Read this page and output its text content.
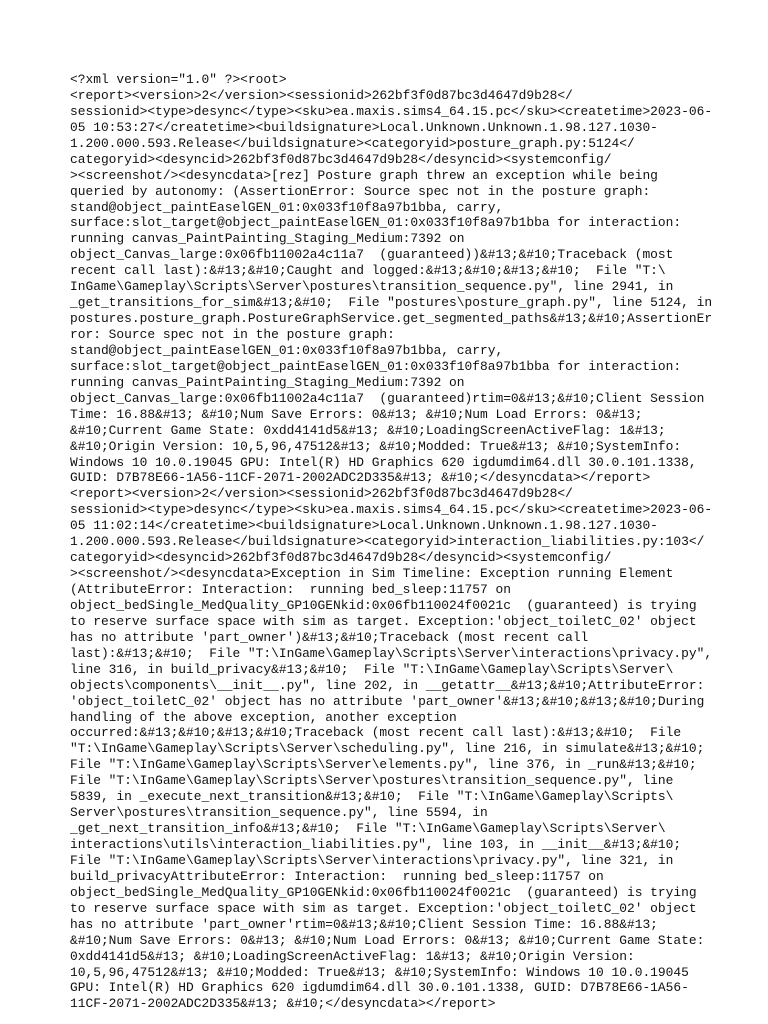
<?xml version="1.0" ?><root>
<report><version>2</version><sessionid>262bf3f0d87bc3d4647d9b28</
sessionid><type>desync</type><sku>ea.maxis.sims4_64.15.pc</sku><createtime>2023-06-
05 10:53:27</createtime><buildsignature>Local.Unknown.Unknown.1.98.127.1030-
1.200.000.593.Release</buildsignature><categoryid>posture_graph.py:5124</
categoryid><desyncid>262bf3f0d87bc3d4647d9b28</desyncid><systemconfig/
><screenshot/><desyncdata>[rez] Posture graph threw an exception while being
queried by autonomy: (AssertionError: Source spec not in the posture graph:
stand@object_paintEaselGEN_01:0x033f10f8a97b1bba, carry,
surface:slot_target@object_paintEaselGEN_01:0x033f10f8a97b1bba for interaction:
running canvas_PaintPainting_Staging_Medium:7392 on
object_Canvas_large:0x06fb11002a4c11a7  (guaranteed))&#13;&#10;Traceback (most
recent call last):&#13;&#10;Caught and logged:&#13;&#10;&#13;&#10;  File "T:\
InGame\Gameplay\Scripts\Server\postures\transition_sequence.py", line 2941, in
_get_transitions_for_sim&#13;&#10;  File "postures\posture_graph.py", line 5124, in
postures.posture_graph.PostureGraphService.get_segmented_paths&#13;&#10;AssertionEr
ror: Source spec not in the posture graph:
stand@object_paintEaselGEN_01:0x033f10f8a97b1bba, carry,
surface:slot_target@object_paintEaselGEN_01:0x033f10f8a97b1bba for interaction:
running canvas_PaintPainting_Staging_Medium:7392 on
object_Canvas_large:0x06fb11002a4c11a7  (guaranteed)rtim=0&#13;&#10;Client Session
Time: 16.88&#13; &#10;Num Save Errors: 0&#13; &#10;Num Load Errors: 0&#13;
&#10;Current Game State: 0xdd4141d5&#13; &#10;LoadingScreenActiveFlag: 1&#13;
&#10;Origin Version: 10,5,96,47512&#13; &#10;Modded: True&#13; &#10;SystemInfo:
Windows 10 10.0.19045 GPU: Intel(R) HD Graphics 620 igdumdim64.dll 30.0.101.1338,
GUID: D7B78E66-1A56-11CF-2071-2002ADC2D335&#13; &#10;</desyncdata></report>
<report><version>2</version><sessionid>262bf3f0d87bc3d4647d9b28</
sessionid><type>desync</type><sku>ea.maxis.sims4_64.15.pc</sku><createtime>2023-06-
05 11:02:14</createtime><buildsignature>Local.Unknown.Unknown.1.98.127.1030-
1.200.000.593.Release</buildsignature><categoryid>interaction_liabilities.py:103</
categoryid><desyncid>262bf3f0d87bc3d4647d9b28</desyncid><systemconfig/
><screenshot/><desyncdata>Exception in Sim Timeline: Exception running Element
(AttributeError: Interaction:  running bed_sleep:11757 on
object_bedSingle_MedQuality_GP10GENkid:0x06fb110024f0021c  (guaranteed) is trying
to reserve surface space with sim as target. Exception:'object_toiletC_02' object
has no attribute 'part_owner')&#13;&#10;Traceback (most recent call
last):&#13;&#10;  File "T:\InGame\Gameplay\Scripts\Server\interactions\privacy.py",
line 316, in build_privacy&#13;&#10;  File "T:\InGame\Gameplay\Scripts\Server\
objects\components\__init__.py", line 202, in __getattr__&#13;&#10;AttributeError:
'object_toiletC_02' object has no attribute 'part_owner'&#13;&#10;&#13;&#10;During
handling of the above exception, another exception
occurred:&#13;&#10;&#13;&#10;Traceback (most recent call last):&#13;&#10;  File
"T:\InGame\Gameplay\Scripts\Server\scheduling.py", line 216, in simulate&#13;&#10;
File "T:\InGame\Gameplay\Scripts\Server\elements.py", line 376, in _run&#13;&#10;
File "T:\InGame\Gameplay\Scripts\Server\postures\transition_sequence.py", line
5839, in _execute_next_transition&#13;&#10;  File "T:\InGame\Gameplay\Scripts\
Server\postures\transition_sequence.py", line 5594, in
_get_next_transition_info&#13;&#10;  File "T:\InGame\Gameplay\Scripts\Server\
interactions\utils\interaction_liabilities.py", line 103, in __init__&#13;&#10;
File "T:\InGame\Gameplay\Scripts\Server\interactions\privacy.py", line 321, in
build_privacyAttributeError: Interaction:  running bed_sleep:11757 on
object_bedSingle_MedQuality_GP10GENkid:0x06fb110024f0021c  (guaranteed) is trying
to reserve surface space with sim as target. Exception:'object_toiletC_02' object
has no attribute 'part_owner'rtim=0&#13;&#10;Client Session Time: 16.88&#13;
&#10;Num Save Errors: 0&#13; &#10;Num Load Errors: 0&#13; &#10;Current Game State:
0xdd4141d5&#13; &#10;LoadingScreenActiveFlag: 1&#13; &#10;Origin Version:
10,5,96,47512&#13; &#10;Modded: True&#13; &#10;SystemInfo: Windows 10 10.0.19045
GPU: Intel(R) HD Graphics 620 igdumdim64.dll 30.0.101.1338, GUID: D7B78E66-1A56-
11CF-2071-2002ADC2D335&#13; &#10;</desyncdata></report>
